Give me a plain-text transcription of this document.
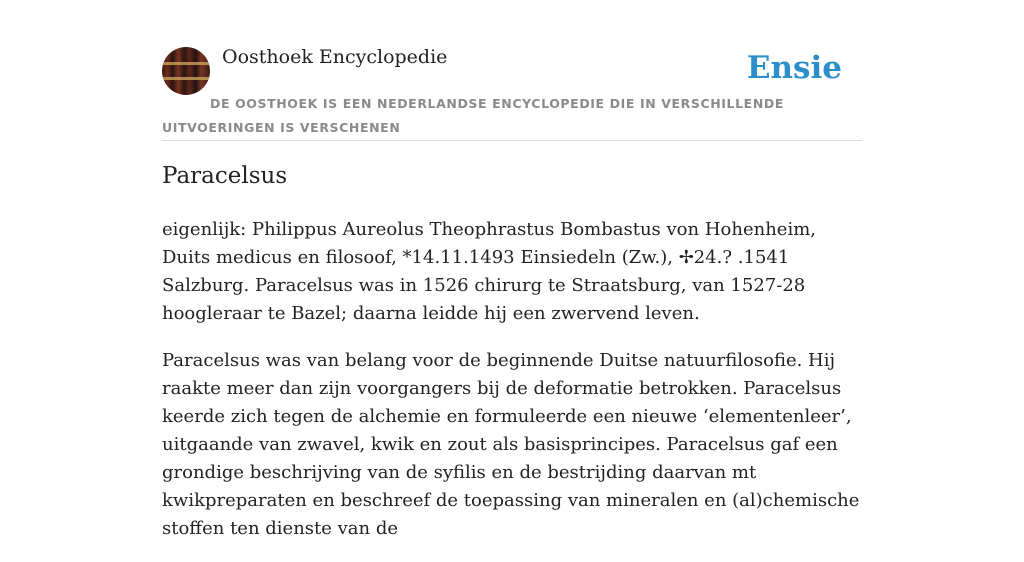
Oosthoek Encyclopedie	Ensie
DE OOSTHOEK IS EEN NEDERLANDSE ENCYCLOPEDIE DIE IN VERSCHILLENDE UITVOERINGEN IS VERSCHENEN
Paracelsus

eigenlijk: Philippus Aureolus Theophrastus Bombastus von Hohenheim, Duits medicus en filosoof, *14.11.1493 Einsiedeln (Zw.), ✢24.? .1541 Salzburg. Paracelsus was in 1526 chirurg te Straatsburg, van 1527-28 hoogleraar te Bazel; daarna leidde hij een zwervend leven.

Paracelsus was van belang voor de beginnende Duitse natuurfilosofie. Hij raakte meer dan zijn voorgangers bij de deformatie betrokken. Paracelsus keerde zich tegen de alchemie en formuleerde een nieuwe ‘elementenleer’, uitgaande van zwavel, kwik en zout als basisprincipes. Paracelsus gaf een grondige beschrijving van de syfilis en de bestrijding daarvan mt kwikpreparaten en beschreef de toepassing van mineralen en (al)chemische stoffen ten dienste van de
